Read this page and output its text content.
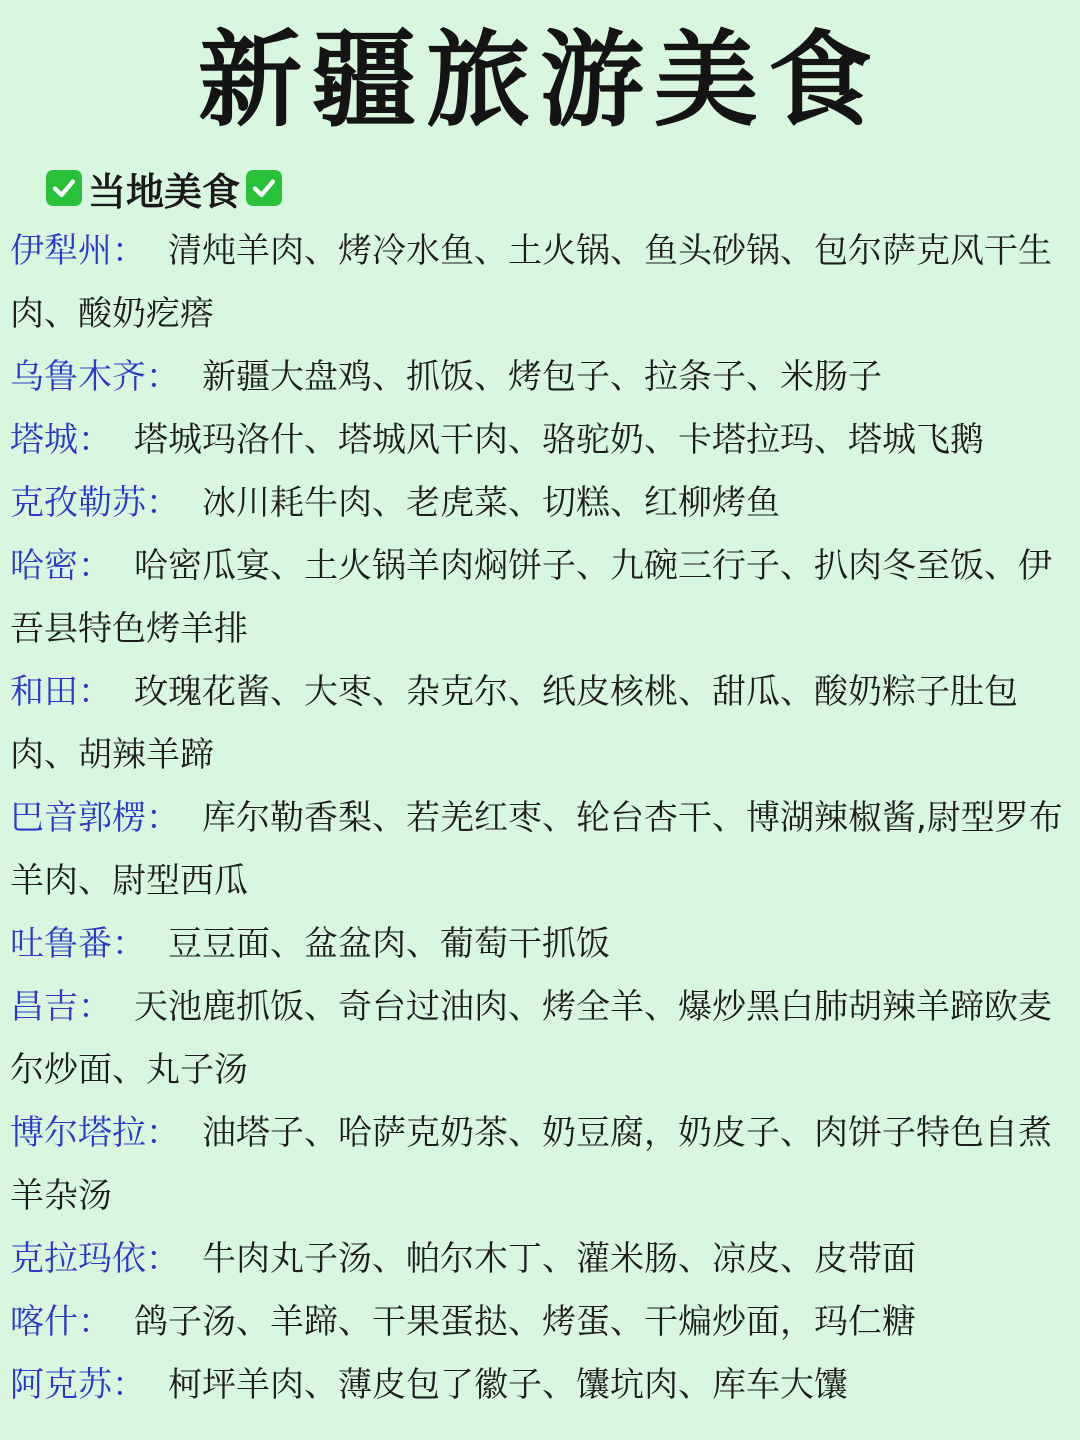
新疆旅游美食
当地美食
伊犁州： 清炖羊肉、烤冷水鱼、土火锅、鱼头砂锅、包尔萨克风干生肉、酸奶疙瘩
乌鲁木齐： 新疆大盘鸡、抓饭、烤包子、拉条子、米肠子
塔城： 塔城玛洛什、塔城风干肉、骆驼奶、卡塔拉玛、塔城飞鹅
克孜勒苏： 冰川耗牛肉、老虎菜、切糕、红柳烤鱼
哈密： 哈密瓜宴、土火锅羊肉焖饼子、九碗三行子、扒肉冬至饭、伊吾县特色烤羊排
和田： 玫瑰花酱、大枣、杂克尔、纸皮核桃、甜瓜、酸奶粽子肚包肉、胡辣羊蹄
巴音郭楞： 库尔勒香梨、若羌红枣、轮台杏干、博湖辣椒酱,尉型罗布羊肉、尉型西瓜
吐鲁番： 豆豆面、盆盆肉、葡萄干抓饭
昌吉： 天池鹿抓饭、奇台过油肉、烤全羊、爆炒黑白肺胡辣羊蹄欧麦尔炒面、丸子汤
博尔塔拉： 油塔子、哈萨克奶茶、奶豆腐，奶皮子、肉饼子特色自煮羊杂汤
克拉玛依： 牛肉丸子汤、帕尔木丁、灌米肠、凉皮、皮带面
喀什： 鸽子汤、羊蹄、干果蛋挞、烤蛋、干煸炒面，玛仁糖
阿克苏： 柯坪羊肉、薄皮包了徽子、馕坑肉、库车大馕
